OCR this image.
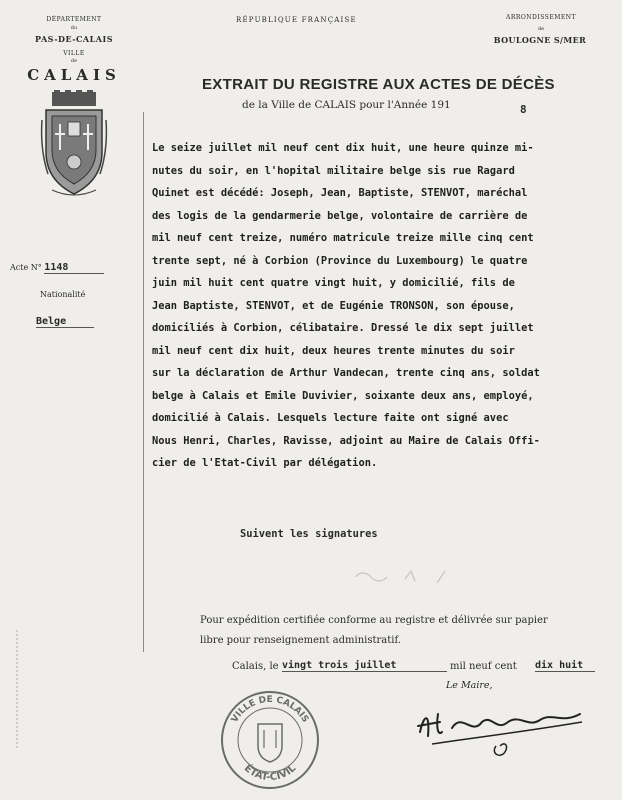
DÉPARTEMENT
du
PAS-DE-CALAIS
VILLE
de
CALAIS
Acte N° 1148
Nationalité
Belge
RÉPUBLIQUE FRANÇAISE	ARRONDISSEMENT
de
BOULOGNE S/MER
EXTRAIT DU REGISTRE AUX ACTES DE DÉCÈS
de la Ville de CALAIS pour l'Année 191	8
Le seize juillet mil neuf cent dix huit, une heure quinze mi-
nutes du soir, en l'hopital militaire belge sis rue Ragard
Quinet est décédé: Joseph, Jean, Baptiste, STENVOT, maréchal
des logis de la gendarmerie belge, volontaire de carrière de
mil neuf cent treize, numéro matricule treize mille cinq cent
trente sept, né à Corbion (Province du Luxembourg) le quatre
juin mil huit cent quatre vingt huit, y domicilié, fils de
Jean Baptiste, STENVOT, et de Eugénie TRONSON, son épouse,
domiciliés à Corbion, célibataire. Dressé le dix sept juillet
mil neuf cent dix huit, deux heures trente minutes du soir
sur la déclaration de Arthur Vandecan, trente cinq ans, soldat
belge à Calais et Emile Duvivier, soixante deux ans, employé,
domicilié à Calais. Lesquels lecture faite ont signé avec
Nous Henri, Charles, Ravisse, adjoint au Maire de Calais Offi-
cier de l'Etat-Civil par délégation.
Suivent les signatures
Pour expédition certifiée conforme au registre et délivrée sur papier
libre pour renseignement administratif.
Calais, le vingt trois juillet	mil neuf cent dix huit
Le Maire,
VILLE DE CALAIS
ÉTAT-CIVIL
